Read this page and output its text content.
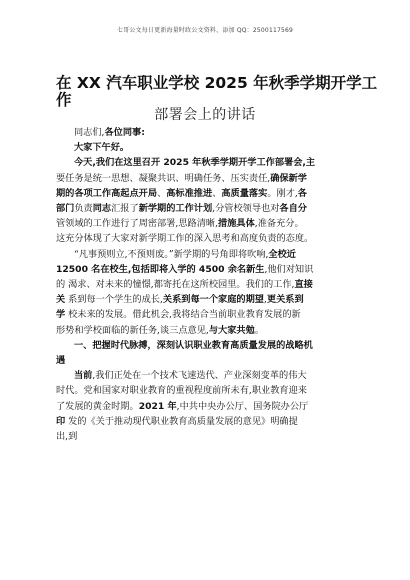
七哥公文每日更新海量时政公文资料，添加 QQ：2500117569
在 XX 汽车职业学校 2025 年秋季学期开学工
作
部署会上的讲话

同志们,各位同事:

大家下午好。

今天,我们在这里召开 2025 年秋季学期开学工作部署会,主
要任务是统一思想、凝聚共识、明确任务、压实责任,确保新学
期的各项工作高起点开局、高标准推进、高质量落实。刚才,各
部门负责同志汇报了新学期的工作计划,分管校领导也对各自分
管领域的工作进行了周密部署,思路清晰,措施具体,准备充分。
这充分体现了大家对新学期工作的深入思考和高度负责的态度。
“凡事预则立,不预则废。”新学期的号角即将吹响,全校近
12500 名在校生,包括即将入学的 4500 余名新生,他们对知识
的 渴求、对未来的憧憬,都寄托在这所校园里。我们的工作,直接
关 系到每一个学生的成长,关系到每一个家庭的期望,更关系到
学 校未来的发展。借此机会,我将结合当前职业教育发展的新
形势和学校面临的新任务,谈三点意见,与大家共勉。
一、把握时代脉搏，深刻认识职业教育高质量发展的战略机
遇
当前,我们正处在一个技术飞速迭代、产业深刻变革的伟大
时代。党和国家对职业教育的重视程度前所未有,职业教育迎来
了发展的黄金时期。2021 年,中共中央办公厅、国务院办公厅
印 发的《关于推动现代职业教育高质量发展的意见》明确提
出,到
